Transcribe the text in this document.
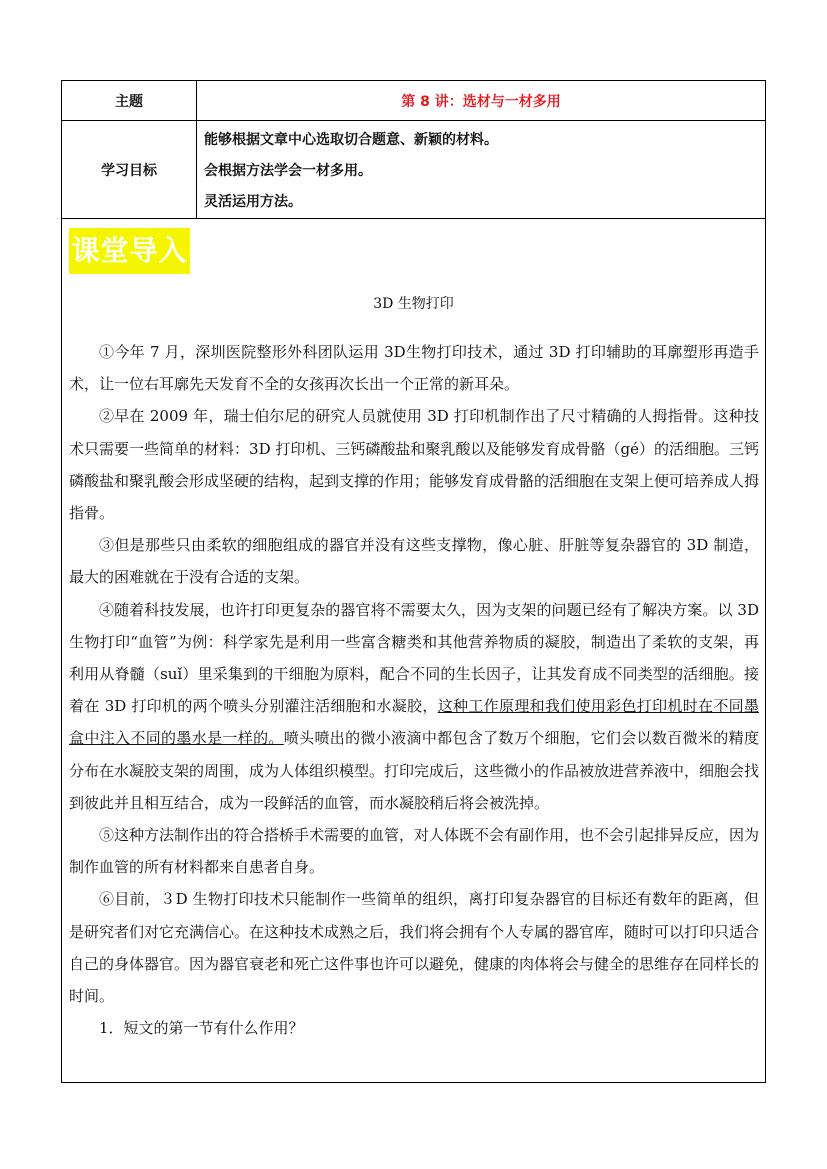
主题	第 8 讲：选材与一材多用
学习目标
能够根据文章中心选取切合题意、新颖的材料。
会根据方法学会一材多用。
灵活运用方法。
课堂导入
3D 生物打印

①今年 7 月，深圳医院整形外科团队运用 3D生物打印技术，通过 3D 打印辅助的耳廓塑形再造手术，让一位右耳廓先天发育不全的女孩再次长出一个正常的新耳朵。

②早在 2009 年，瑞士伯尔尼的研究人员就使用 3D 打印机制作出了尺寸精确的人拇指骨。这种技术只需要一些简单的材料：3D 打印机、三钙磷酸盐和聚乳酸以及能够发育成骨骼（gé）的活细胞。三钙磷酸盐和聚乳酸会形成坚硬的结构，起到支撑的作用；能够发育成骨骼的活细胞在支架上便可培养成人拇指骨。

③但是那些只由柔软的细胞组成的器官并没有这些支撑物，像心脏、肝脏等复杂器官的 3D 制造，最大的困难就在于没有合适的支架。

④随着科技发展，也许打印更复杂的器官将不需要太久，因为支架的问题已经有了解决方案。以 3D 生物打印“血管”为例：科学家先是利用一些富含糖类和其他营养物质的凝胶，制造出了柔软的支架，再利用从脊髓（suǐ）里采集到的干细胞为原料，配合不同的生长因子，让其发育成不同类型的活细胞。接着在 3D 打印机的两个喷头分别灌注活细胞和水凝胶，这种工作原理和我们使用彩色打印机时在不同墨盒中注入不同的墨水是一样的。喷头喷出的微小液滴中都包含了数万个细胞，它们会以数百微米的精度分布在水凝胶支架的周围，成为人体组织模型。打印完成后，这些微小的作品被放进营养液中，细胞会找到彼此并且相互结合，成为一段鲜活的血管，而水凝胶稍后将会被洗掉。

⑤这种方法制作出的符合搭桥手术需要的血管，对人体既不会有副作用，也不会引起排异反应，因为制作血管的所有材料都来自患者自身。

⑥目前，３D 生物打印技术只能制作一些简单的组织，离打印复杂器官的目标还有数年的距离，但是研究者们对它充满信心。在这种技术成熟之后，我们将会拥有个人专属的器官库，随时可以打印只适合自己的身体器官。因为器官衰老和死亡这件事也许可以避免，健康的肉体将会与健全的思维存在同样长的时间。

1．短文的第一节有什么作用？
